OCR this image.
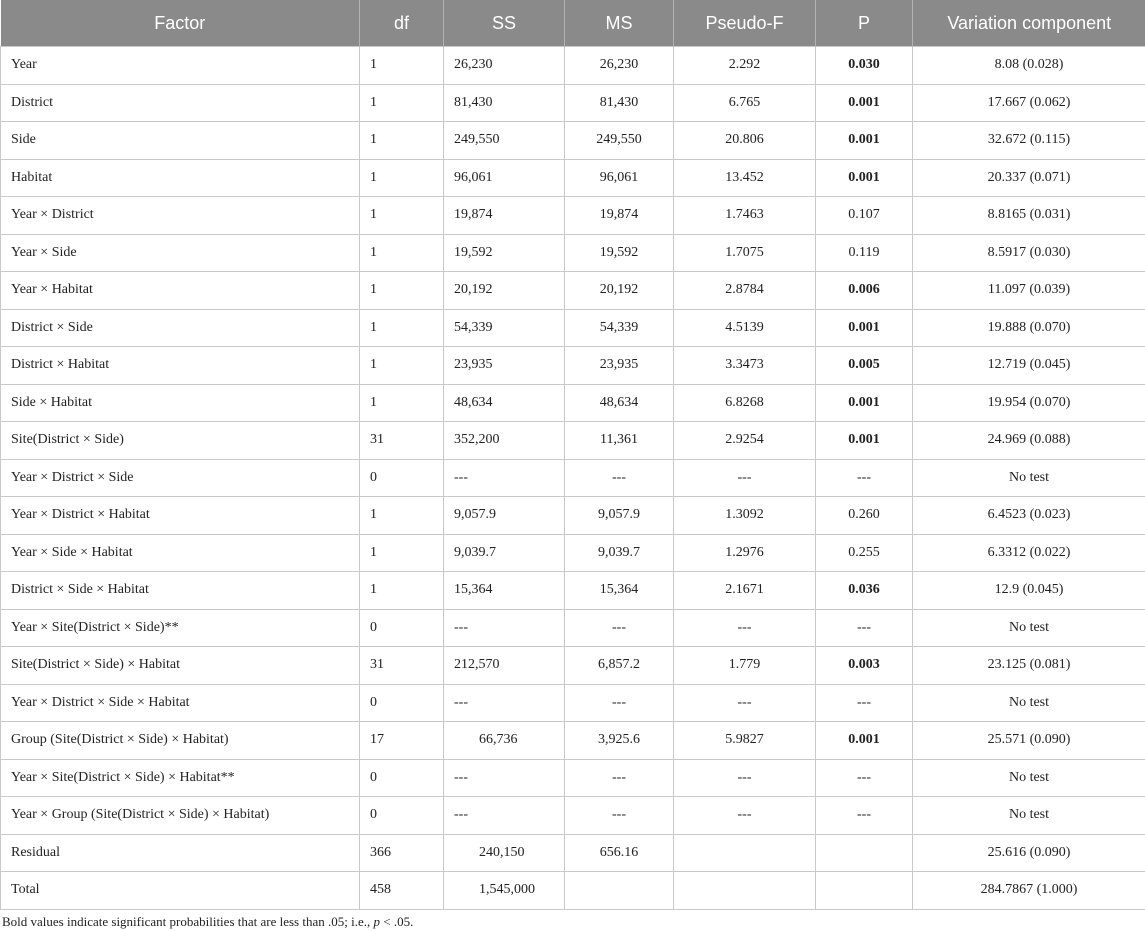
Factor	df	SS	MS	Pseudo-F	P	Variation component
Year	1	26,230	26,230	2.292	0.030	8.08 (0.028)
District	1	81,430	81,430	6.765	0.001	17.667 (0.062)
Side	1	249,550	249,550	20.806	0.001	32.672 (0.115)
Habitat	1	96,061	96,061	13.452	0.001	20.337 (0.071)
Year × District	1	19,874	19,874	1.7463	0.107	8.8165 (0.031)
Year × Side	1	19,592	19,592	1.7075	0.119	8.5917 (0.030)
Year × Habitat	1	20,192	20,192	2.8784	0.006	11.097 (0.039)
District × Side	1	54,339	54,339	4.5139	0.001	19.888 (0.070)
District × Habitat	1	23,935	23,935	3.3473	0.005	12.719 (0.045)
Side × Habitat	1	48,634	48,634	6.8268	0.001	19.954 (0.070)
Site(District × Side)	31	352,200	11,361	2.9254	0.001	24.969 (0.088)
Year × District × Side	0	---	---	---	---	No test
Year × District × Habitat	1	9,057.9	9,057.9	1.3092	0.260	6.4523 (0.023)
Year × Side × Habitat	1	9,039.7	9,039.7	1.2976	0.255	6.3312 (0.022)
District × Side × Habitat	1	15,364	15,364	2.1671	0.036	12.9 (0.045)
Year × Site(District × Side)**	0	---	---	---	---	No test
Site(District × Side) × Habitat	31	212,570	6,857.2	1.779	0.003	23.125 (0.081)
Year × District × Side × Habitat	0	---	---	---	---	No test
Group (Site(District × Side) × Habitat)	17	66,736	3,925.6	5.9827	0.001	25.571 (0.090)
Year × Site(District × Side) × Habitat**	0	---	---	---	---	No test
Year × Group (Site(District × Side) × Habitat)	0	---	---	---	---	No test
Residual	366	240,150	656.16			25.616 (0.090)
Total	458	1,545,000				284.7867 (1.000)
Bold values indicate significant probabilities that are less than .05; i.e., p < .05.
